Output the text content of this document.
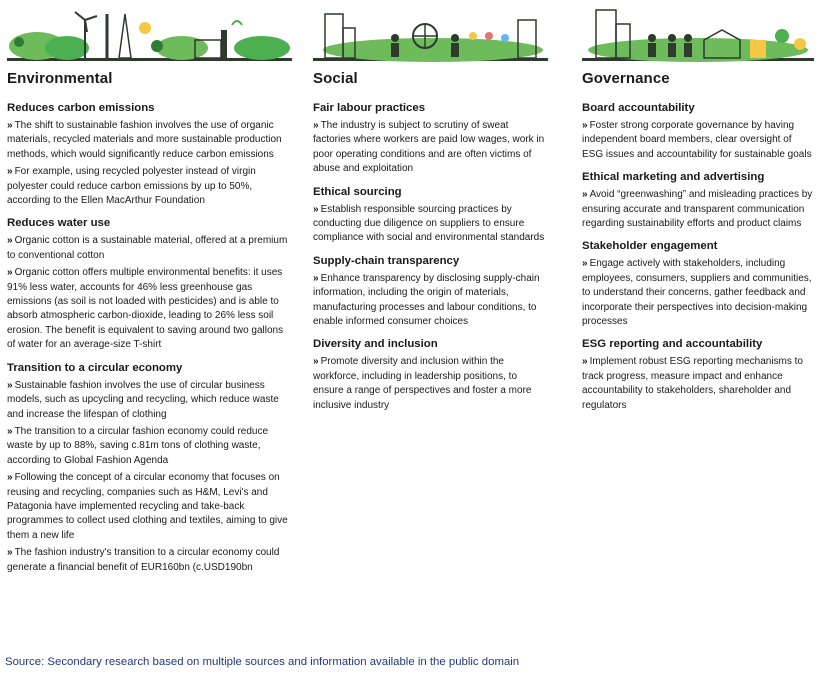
Environmental
Reduces carbon emissions
» The shift to sustainable fashion involves the use of organic materials, recycled materials and more sustainable production methods, which would significantly reduce carbon emissions
» For example, using recycled polyester instead of virgin polyester could reduce carbon emissions by up to 50%, according to the Ellen MacArthur Foundation
Reduces water use
» Organic cotton is a sustainable material, offered at a premium to conventional cotton
» Organic cotton offers multiple environmental benefits: it uses 91% less water, accounts for 46% less greenhouse gas emissions (as soil is not loaded with pesticides) and is able to absorb atmospheric carbon-dioxide, leading to 26% less soil erosion. The benefit is equivalent to saving around two gallons of water for an average-size T-shirt
Transition to a circular economy
» Sustainable fashion involves the use of circular business models, such as upcycling and recycling, which reduce waste and increase the lifespan of clothing
» The transition to a circular fashion economy could reduce waste by up to 88%, saving c.81m tons of clothing waste, according to Global Fashion Agenda
» Following the concept of a circular economy that focuses on reusing and recycling, companies such as H&M, Levi's and Patagonia have implemented recycling and take-back programmes to collect used clothing and textiles, aiming to give them a new life
» The fashion industry's transition to a circular economy could generate a financial benefit of EUR160bn (c.USD190bn
Social
Fair labour practices
» The industry is subject to scrutiny of sweat factories where workers are paid low wages, work in poor operating conditions and are often victims of abuse and exploitation
Ethical sourcing
» Establish responsible sourcing practices by conducting due diligence on suppliers to ensure compliance with social and environmental standards
Supply-chain transparency
» Enhance transparency by disclosing supply-chain information, including the origin of materials, manufacturing processes and labour conditions, to enable informed consumer choices
Diversity and inclusion
» Promote diversity and inclusion within the workforce, including in leadership positions, to ensure a range of perspectives and foster a more inclusive industry
Governance
Board accountability
» Foster strong corporate governance by having independent board members, clear oversight of ESG issues and accountability for sustainable goals
Ethical marketing and advertising
» Avoid “greenwashing” and misleading practices by ensuring accurate and transparent communication regarding sustainability efforts and product claims
Stakeholder engagement
» Engage actively with stakeholders, including employees, consumers, suppliers and communities, to understand their concerns, gather feedback and incorporate their perspectives into decision-making processes
ESG reporting and accountability
» Implement robust ESG reporting mechanisms to track progress, measure impact and enhance accountability to stakeholders, shareholder and regulators
Source: Secondary research based on multiple sources and information available in the public domain
